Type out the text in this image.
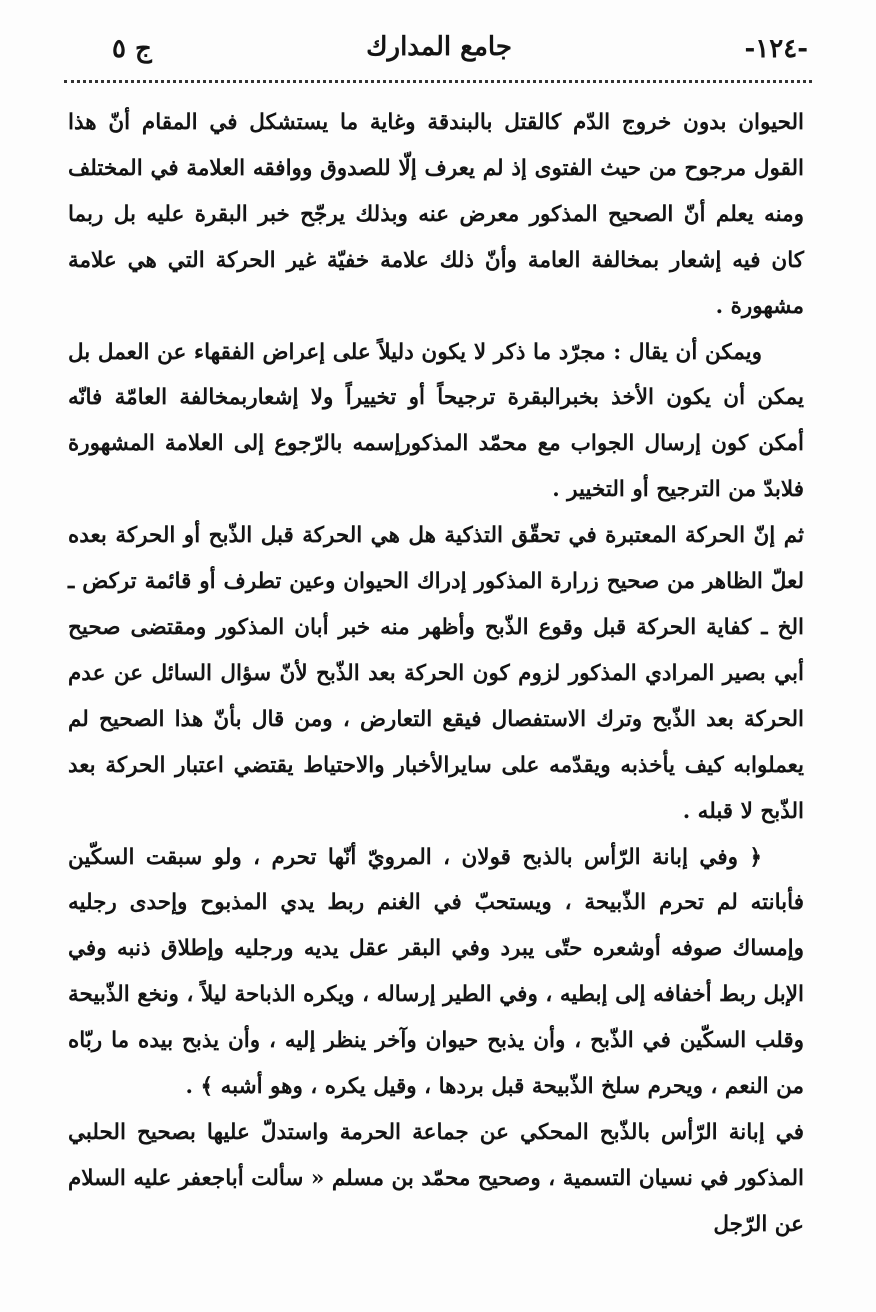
ج ٥	جامع المدارك	-١٢٤-

الحيوان بدون خروج الدّم كالقتل بالبندقة وغاية ما يستشكل في المقام أنّ هذا القول مرجوح من حيث الفتوى إذ لم يعرف إلّا للصدوق ووافقه العلامة في المختلف ومنه يعلم أنّ الصحيح المذكور معرض عنه وبذلك يرجّح خبر البقرة عليه بل ربما كان فيه إشعار بمخالفة العامة وأنّ ذلك علامة خفيّة غير الحركة التي هي علامة مشهورة .

ويمكن أن يقال : مجرّد ما ذكر لا يكون دليلاً على إعراض الفقهاء عن العمل بل يمكن أن يكون الأخذ بخبرالبقرة ترجيحاً أو تخييراً ولا إشعاربمخالفة العامّة فانّه أمكن كون إرسال الجواب مع محمّد المذكورإسمه بالرّجوع إلى العلامة المشهورة فلابدّ من الترجيح أو التخيير .

ثم إنّ الحركة المعتبرة في تحقّق التذكية هل هي الحركة قبل الذّبح أو الحركة بعده لعلّ الظاهر من صحيح زرارة المذكور إدراك الحيوان وعين تطرف أو قائمة تركض ـ الخ ـ كفاية الحركة قبل وقوع الذّبح وأظهر منه خبر أبان المذكور ومقتضى صحيح أبي بصير المرادي المذكور لزوم كون الحركة بعد الذّبح لأنّ سؤال السائل عن عدم الحركة بعد الذّبح وترك الاستفصال فيقع التعارض ، ومن قال بأنّ هذا الصحيح لم يعملوابه كيف يأخذبه ويقدّمه على سايرالأخبار والاحتياط يقتضي اعتبار الحركة بعد الذّبح لا قبله .

﴿ وفي إبانة الرّأس بالذبح قولان ، المرويّ أنّها تحرم ، ولو سبقت السكّين فأبانته لم تحرم الذّبيحة ، ويستحبّ في الغنم ربط يدي المذبوح وإحدى رجليه وإمساك صوفه أوشعره حتّى يبرد وفي البقر عقل يديه ورجليه وإطلاق ذنبه وفي الإبل ربط أخفافه إلى إبطيه ، وفي الطير إرساله ، ويكره الذباحة ليلاً ، ونخع الذّبيحة وقلب السكّين في الذّبح ، وأن يذبح حيوان وآخر ينظر إليه ، وأن يذبح بيده ما ربّاه من النعم ، ويحرم سلخ الذّبيحة قبل بردها ، وقيل يكره ، وهو أشبه ﴾ .

في إبانة الرّأس بالذّبح المحكي عن جماعة الحرمة واستدلّ عليها بصحيح الحلبي المذكور في نسيان التسمية ، وصحيح محمّد بن مسلم « سألت أباجعفر عليه السلام عن الرّجل
